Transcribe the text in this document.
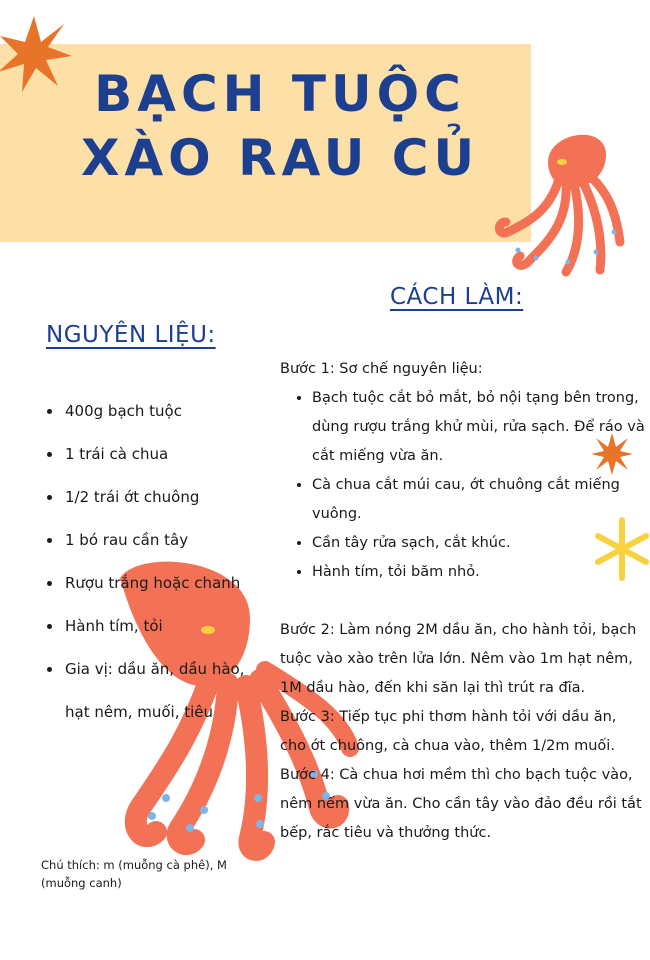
BẠCH TUỘC
XÀO RAU CỦ
CÁCH LÀM:
NGUYÊN LIỆU:
• 400g bạch tuộc
• 1 trái cà chua
• 1/2 trái ớt chuông
• 1 bó rau cần tây
• Rượu trắng hoặc chanh
• Hành tím, tỏi
• Gia vị: dầu ăn, dầu hào, hạt nêm, muối, tiêu

Chú thích: m (muỗng cà phê), M (muỗng canh)

Bước 1: Sơ chế nguyên liệu:

• Bạch tuộc cắt bỏ mắt, bỏ nội tạng bên trong, dùng rượu trắng khử mùi, rửa sạch. Để ráo và cắt miếng vừa ăn.
• Cà chua cắt múi cau, ớt chuông cắt miếng vuông.
• Cần tây rửa sạch, cắt khúc.
• Hành tím, tỏi băm nhỏ.

Bước 2: Làm nóng 2M dầu ăn, cho hành tỏi, bạch tuộc vào xào trên lửa lớn. Nêm vào 1m hạt nêm, 1M dầu hào, đến khi săn lại thì trút ra đĩa.

Bước 3: Tiếp tục phi thơm hành tỏi với dầu ăn, cho ớt chuông, cà chua vào, thêm 1/2m muối.

Bước 4: Cà chua hơi mềm thì cho bạch tuộc vào, nêm nếm vừa ăn. Cho cần tây vào đảo đều rồi tắt bếp, rắc tiêu và thưởng thức.
